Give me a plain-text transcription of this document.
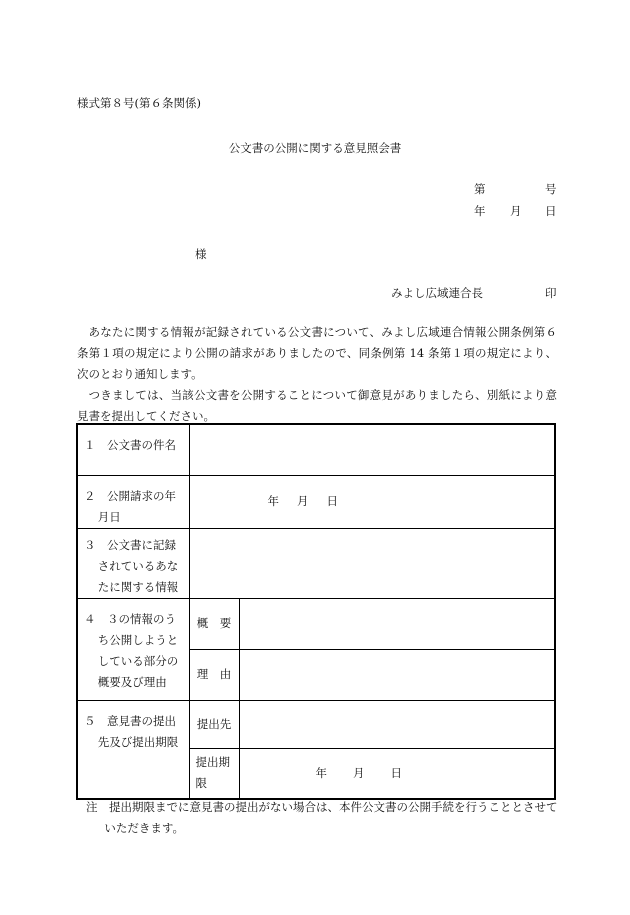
様式第８号(第６条関係)
公文書の公開に関する意見照会書
第	号
年 月 日
様
みよし広域連合長	印

あなたに関する情報が記録されている公文書について、みよし広域連合情報公開条例第６条第１項の規定により公開の請求がありましたので、同条例第 14 条第１項の規定により、次のとおり通知します。

つきましては、当該公文書を公開することについて御意見がありましたら、別紙により意見書を提出してください。

１　公文書の件名		

２　公開請求の年月日	年 月 日	

３　公文書に記録されているあなたに関する情報		

４　３の情報のうち公開しようとしている部分の概要及び理由	概　要	
	理　由	

５　意見書の提出先及び提出期限	提出先	
	提出期限	年 月 日
注　提出期限までに意見書の提出がない場合は、本件公文書の公開手続を行うこととさせていただきます。
